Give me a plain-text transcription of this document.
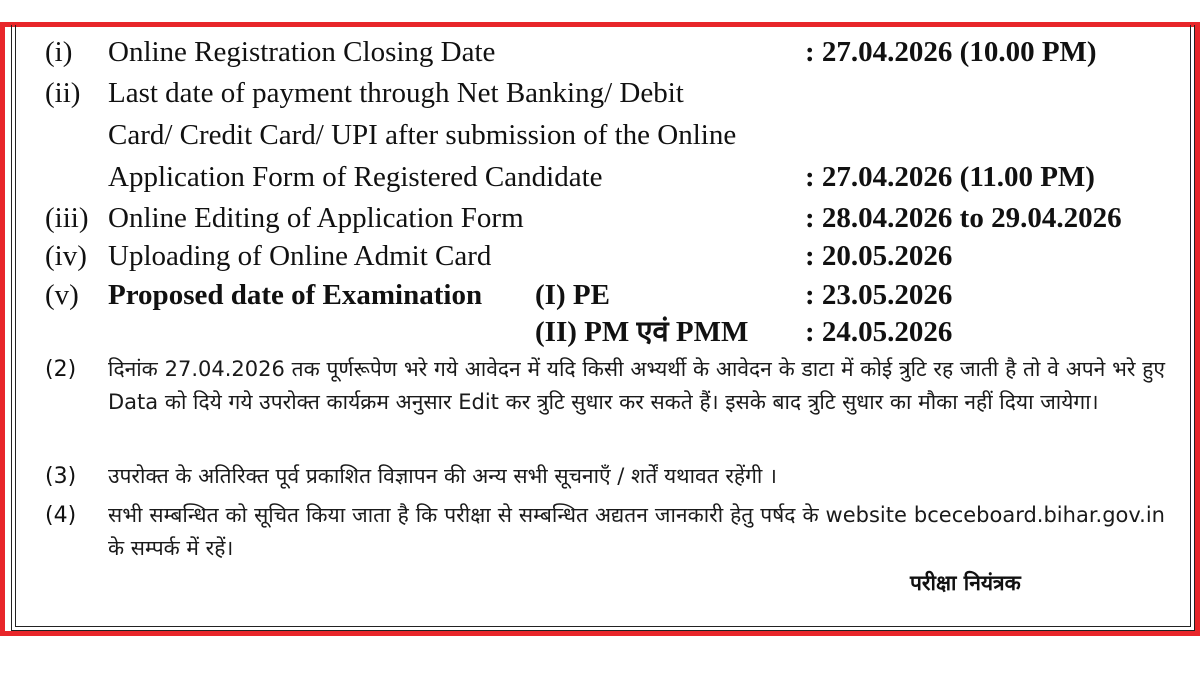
(i) Online Registration Closing Date	: 27.04.2026 (10.00 PM)
(ii) Last date of payment through Net Banking/ Debit
Card/ Credit Card/ UPI after submission of the Online
Application Form of Registered Candidate	: 27.04.2026 (11.00 PM)
(iii) Online Editing of Application Form	: 28.04.2026 to 29.04.2026
(iv) Uploading of Online Admit Card	: 20.05.2026
(v) Proposed date of Examination (I) PE	: 23.05.2026
(II) PM एवं PMM : 24.05.2026
(2) दिनांक 27.04.2026 तक पूर्णरूपेण भरे गये आवेदन में यदि किसी अभ्यर्थी के आवेदन के डाटा में कोई त्रुटि रह जाती है तो वे अपने भरे हुए Data को दिये गये उपरोक्त कार्यक्रम अनुसार Edit कर त्रुटि सुधार कर सकते हैं। इसके बाद त्रुटि सुधार का मौका नहीं दिया जायेगा।
(3) उपरोक्त के अतिरिक्त पूर्व प्रकाशित विज्ञापन की अन्य सभी सूचनाएँ / शर्तें यथावत रहेंगी ।
(4) सभी सम्बन्धित को सूचित किया जाता है कि परीक्षा से सम्बन्धित अद्यतन जानकारी हेतु पर्षद के website bceceboard.bihar.gov.in के सम्पर्क में रहें।
परीक्षा नियंत्रक
